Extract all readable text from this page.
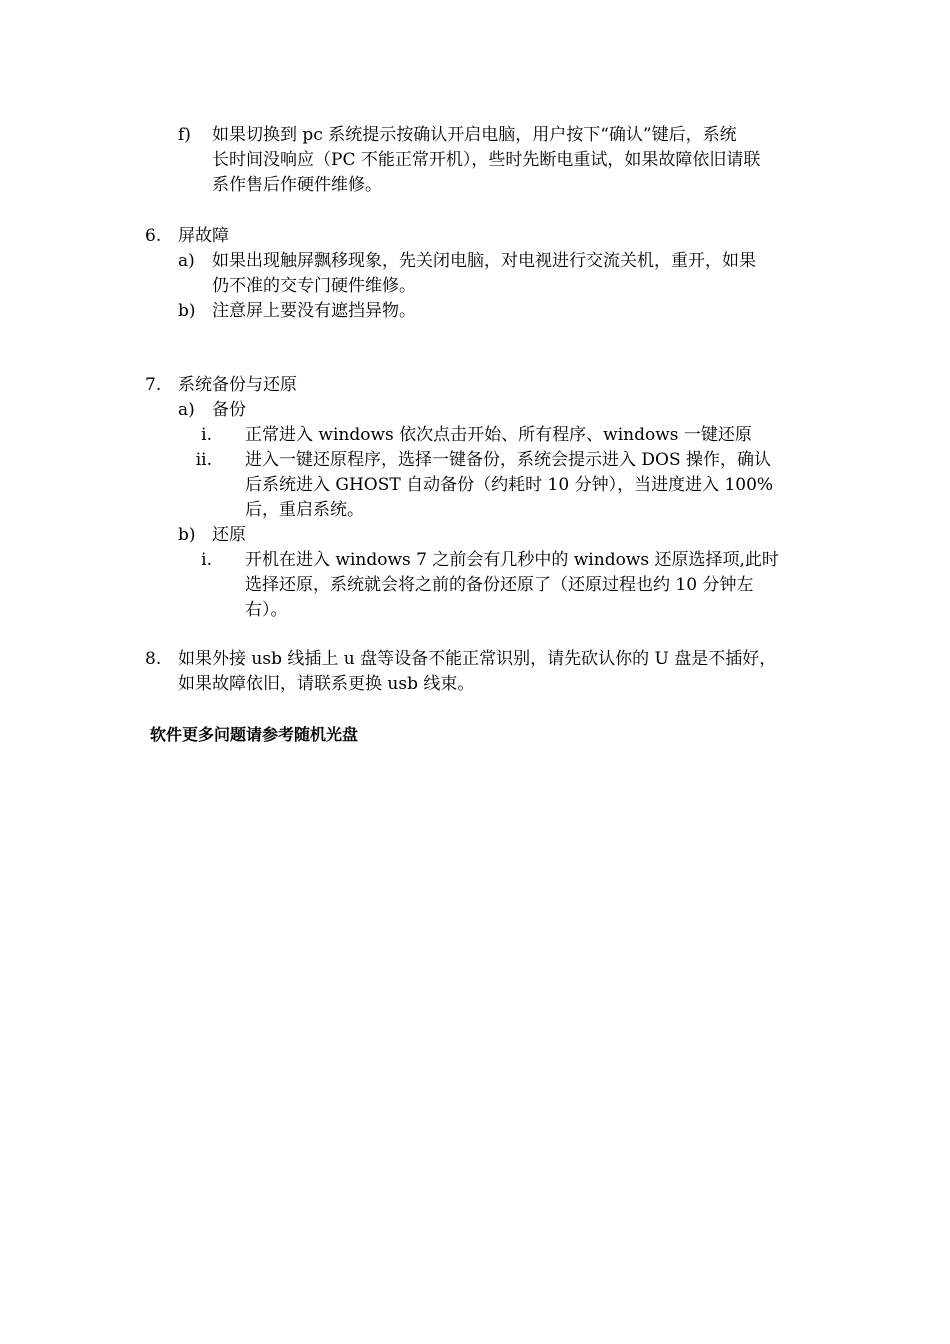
f) 如果切换到 pc 系统提示按确认开启电脑，用户按下“确认”键后，系统
长时间没响应（PC 不能正常开机），些时先断电重试，如果故障依旧请联
系作售后作硬件维修。
6. 屏故障
a) 如果出现触屏飘移现象，先关闭电脑，对电视进行交流关机，重开，如果
仍不准的交专门硬件维修。
b) 注意屏上要没有遮挡异物。
7. 系统备份与还原
a) 备份
i. 正常进入 windows 依次点击开始、所有程序、windows 一键还原
ii. 进入一键还原程序，选择一键备份，系统会提示进入 DOS 操作，确认
后系统进入 GHOST 自动备份（约耗时 10 分钟），当进度进入 100%
后，重启系统。
b) 还原
i. 开机在进入 windows 7 之前会有几秒中的 windows 还原选择项,此时
选择还原，系统就会将之前的备份还原了（还原过程也约 10 分钟左
右）。
8. 如果外接 usb 线插上 u 盘等设备不能正常识别，请先砍认你的 U 盘是不插好，
如果故障依旧，请联系更换 usb 线束。
软件更多问题请参考随机光盘
